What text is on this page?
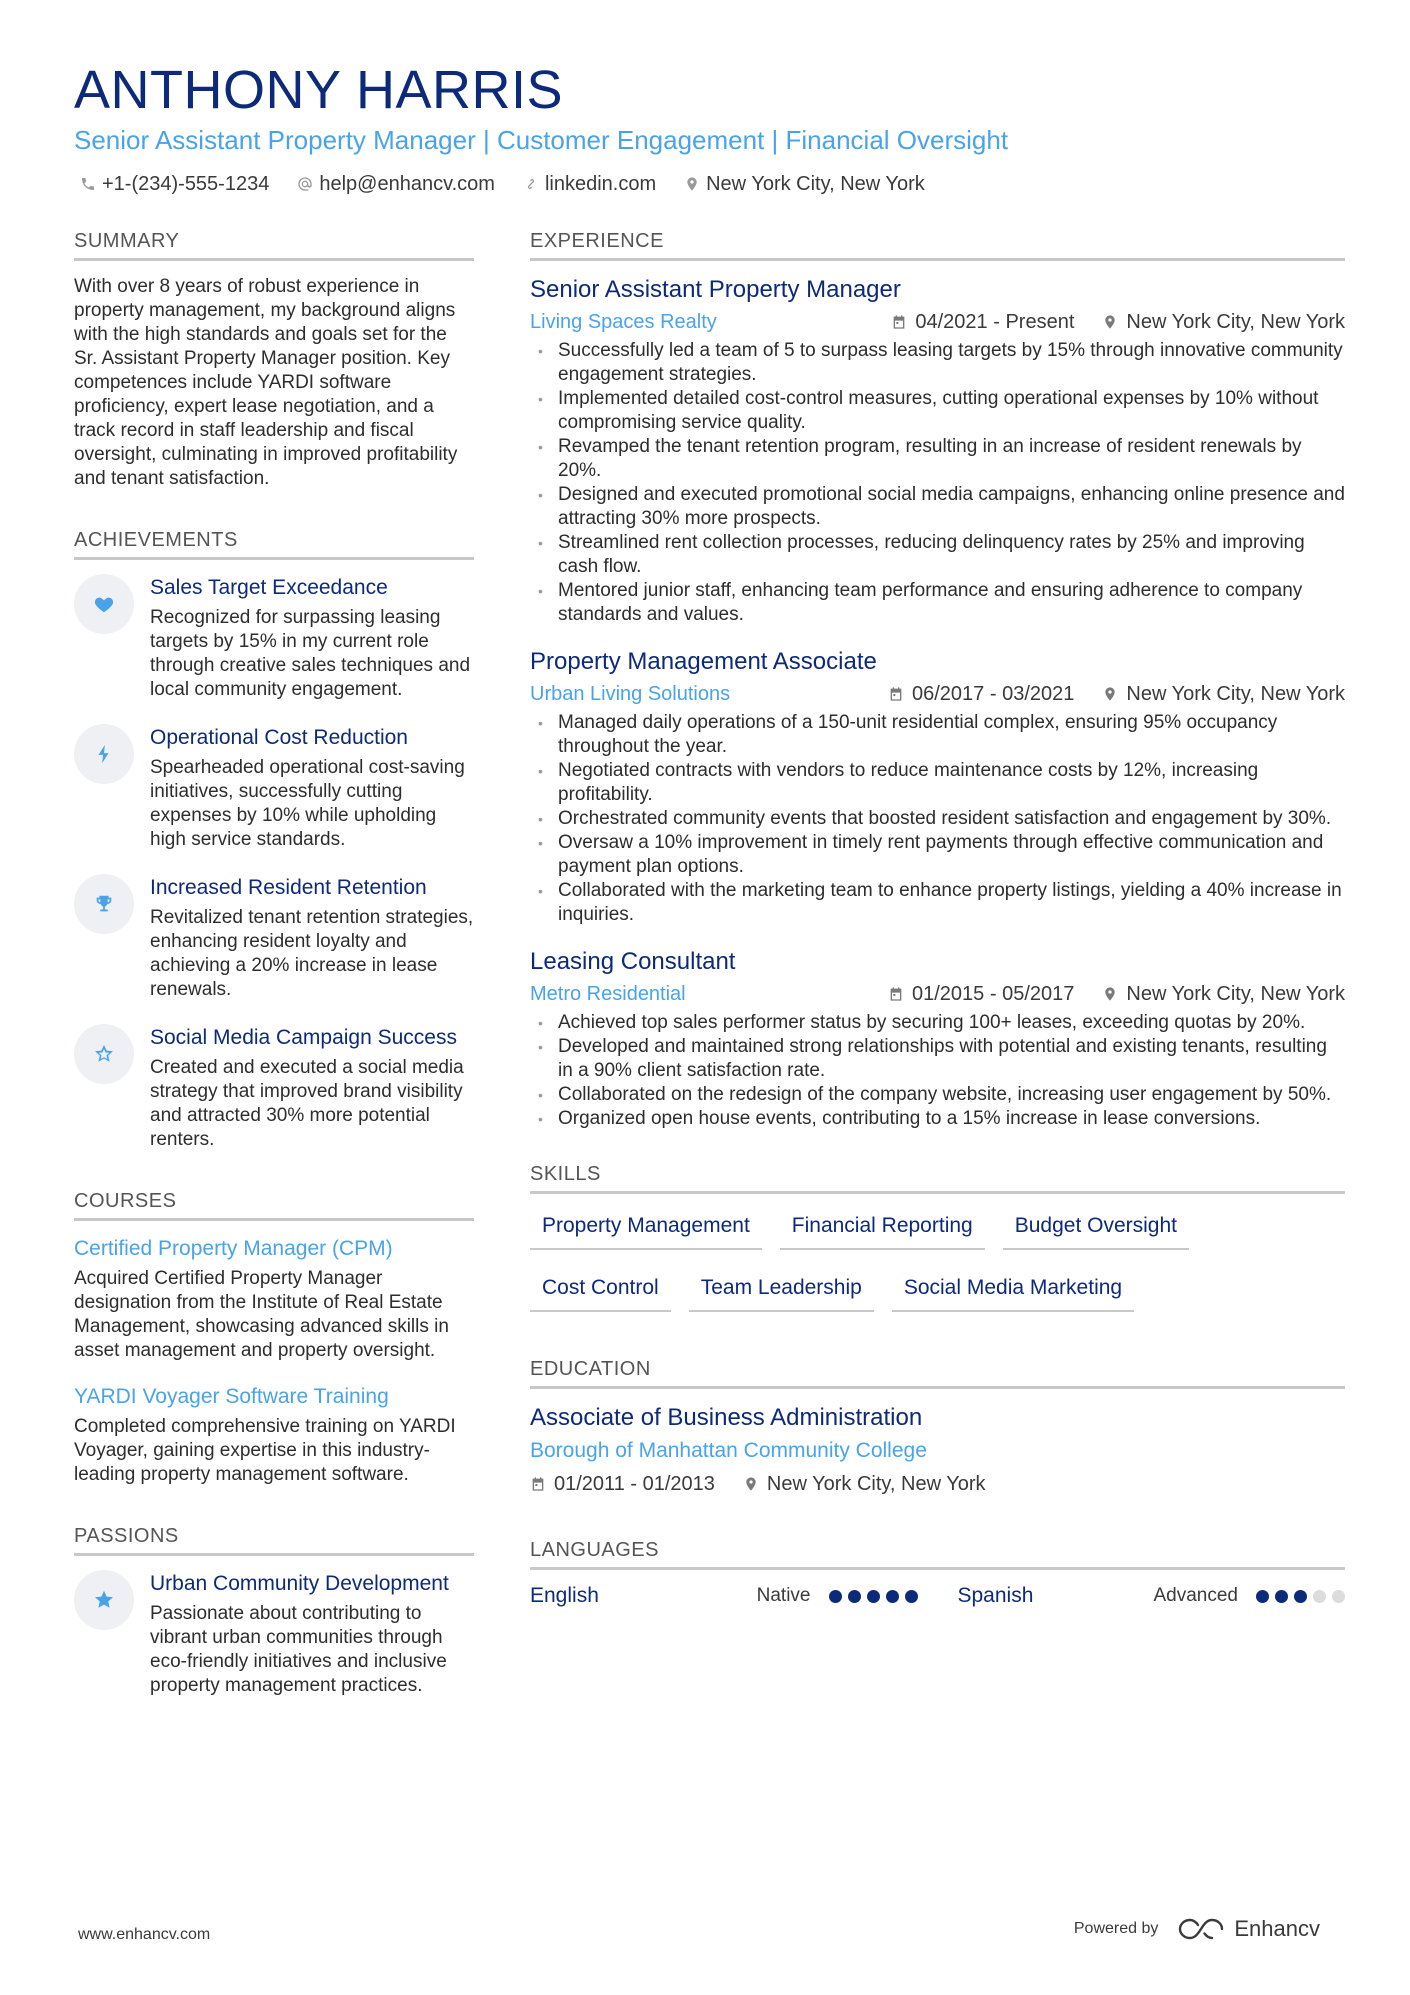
ANTHONY HARRIS
Senior Assistant Property Manager | Customer Engagement | Financial Oversight
+1-(234)-555-1234	help@enhancv.com	linkedin.com	New York City, New York
SUMMARY
With over 8 years of robust experience in property management, my background aligns with the high standards and goals set for the Sr. Assistant Property Manager position. Key competences include YARDI software proficiency, expert lease negotiation, and a track record in staff leadership and fiscal oversight, culminating in improved profitability and tenant satisfaction.
ACHIEVEMENTS
Sales Target Exceedance
Recognized for surpassing leasing targets by 15% in my current role through creative sales techniques and local community engagement.
Operational Cost Reduction
Spearheaded operational cost-saving initiatives, successfully cutting expenses by 10% while upholding high service standards.
Increased Resident Retention
Revitalized tenant retention strategies, enhancing resident loyalty and achieving a 20% increase in lease renewals.
Social Media Campaign Success
Created and executed a social media strategy that improved brand visibility and attracted 30% more potential renters.
COURSES
Certified Property Manager (CPM)
Acquired Certified Property Manager designation from the Institute of Real Estate Management, showcasing advanced skills in asset management and property oversight.
YARDI Voyager Software Training
Completed comprehensive training on YARDI Voyager, gaining expertise in this industry-leading property management software.
PASSIONS
Urban Community Development
Passionate about contributing to vibrant urban communities through eco-friendly initiatives and inclusive property management practices.
EXPERIENCE
Senior Assistant Property Manager
Living Spaces Realty	04/2021 - Present	New York City, New York
• Successfully led a team of 5 to surpass leasing targets by 15% through innovative community engagement strategies.
• Implemented detailed cost-control measures, cutting operational expenses by 10% without compromising service quality.
• Revamped the tenant retention program, resulting in an increase of resident renewals by 20%.
• Designed and executed promotional social media campaigns, enhancing online presence and attracting 30% more prospects.
• Streamlined rent collection processes, reducing delinquency rates by 25% and improving cash flow.
• Mentored junior staff, enhancing team performance and ensuring adherence to company standards and values.
Property Management Associate
Urban Living Solutions	06/2017 - 03/2021	New York City, New York
• Managed daily operations of a 150-unit residential complex, ensuring 95% occupancy throughout the year.
• Negotiated contracts with vendors to reduce maintenance costs by 12%, increasing profitability.
• Orchestrated community events that boosted resident satisfaction and engagement by 30%.
• Oversaw a 10% improvement in timely rent payments through effective communication and payment plan options.
• Collaborated with the marketing team to enhance property listings, yielding a 40% increase in inquiries.
Leasing Consultant
Metro Residential	01/2015 - 05/2017	New York City, New York
• Achieved top sales performer status by securing 100+ leases, exceeding quotas by 20%.
• Developed and maintained strong relationships with potential and existing tenants, resulting in a 90% client satisfaction rate.
• Collaborated on the redesign of the company website, increasing user engagement by 50%.
• Organized open house events, contributing to a 15% increase in lease conversions.
SKILLS
Property Management	Financial Reporting	Budget Oversight
Cost Control	Team Leadership	Social Media Marketing
EDUCATION
Associate of Business Administration
Borough of Manhattan Community College
01/2011 - 01/2013	New York City, New York
LANGUAGES
English	Native	Spanish	Advanced
www.enhancv.com	Powered by	Enhancv
